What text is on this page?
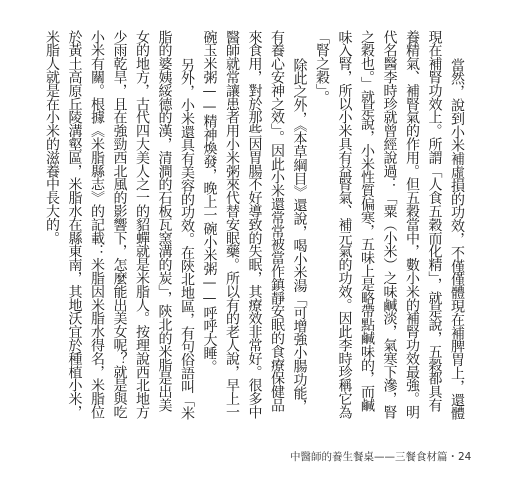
當然，說到小米補虛損的功效，不僅僅體現在補脾胃上，還體現在補腎功效上。所謂「人食五穀而化精」，就是說，五穀都具有養精氣、補腎氣的作用。但五穀當中，數小米的補腎功效最強。明代名醫李時珍就曾經說過：「粟（小米）之味鹹淡，氣寒下滲，腎之穀也。」就是說，小米性質偏寒，五味上是略帶點鹹味的，而鹹味入腎，所以小米具有益腎氣、補元氣的功效。因此李時珍稱它為「腎之穀」。

除此之外，《本草綱目》還說，喝小米湯「可增強小腸功能，有養心安神之效」。因此小米還常常被當作鎮靜安眠的食療保健品來食用，對於那些因胃腸不好導致的失眠，其療效非常好。很多中醫師就常讓患者用小米粥來代替安眠藥。所以有的老人說，早上一碗玉米粥——精神煥發，晚上一碗小米粥——呼呼大睡。

另外，小米還具有美容的功效。在陝北地區，有句俗語叫「米脂的婆姨綏德的漢，清澗的石板瓦窯溝的炭」，陝北的米脂是出美女的地方，古代四大美人之一的貂蟬就是米脂人。按理說西北地方少雨乾旱，且在強勁西北風的影響下，怎麼能出美女呢？就是與吃小米有關。根據《米脂縣志》的記載：米脂因米脂水得名，米脂位於黃土高原丘陵溝壑區，米脂水在縣東南，其地沃宜於種植小米，米脂人就是在小米的滋養中長大的。

中醫師的養生餐桌——三餐食材篇・24
